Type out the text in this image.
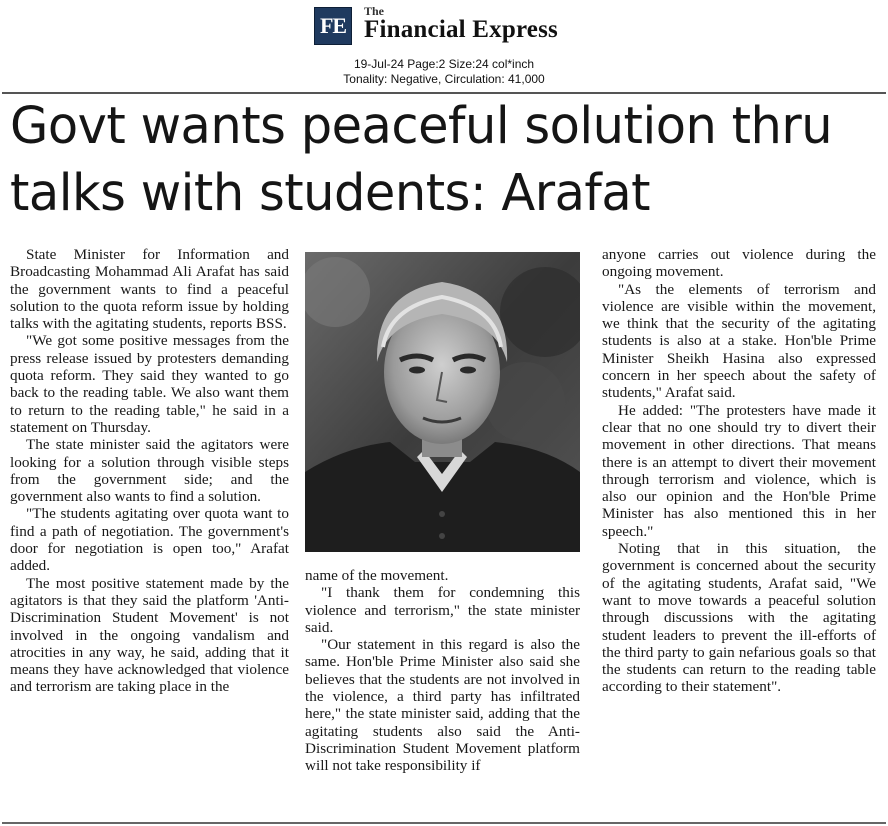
FE
The
Financial Express
19-Jul-24 Page:2 Size:24 col*inch
Tonality: Negative, Circulation: 41,000
Govt wants peaceful solution thru talks with students: Arafat

State Minister for Information and Broadcasting Mohammad Ali Arafat has said the government wants to find a peaceful solution to the quota reform issue by holding talks with the agitating students, reports BSS.

"We got some positive messages from the press release issued by protesters demanding quota reform. They said they wanted to go back to the reading table. We also want them to return to the reading table," he said in a statement on Thursday.

The state minister said the agitators were looking for a solution through visible steps from the government side; and the government also wants to find a solution.

"The students agitating over quota want to find a path of negotiation. The government's door for negotiation is open too," Arafat added.

The most positive statement made by the agitators is that they said the platform 'Anti-Discrimination Student Movement' is not involved in the ongoing vandalism and atrocities in any way, he said, adding that it means they have acknowledged that violence and terrorism are taking place in the

name of the movement.

"I thank them for condemning this violence and terrorism," the state minister said.

"Our statement in this regard is also the same. Hon'ble Prime Minister also said she believes that the students are not involved in the violence, a third party has infiltrated here," the state minister said, adding that the agitating students also said the Anti-Discrimination Student Movement platform will not take responsibility if

anyone carries out violence during the ongoing movement.

"As the elements of terrorism and violence are visible within the movement, we think that the security of the agitating students is also at a stake. Hon'ble Prime Minister Sheikh Hasina also expressed concern in her speech about the safety of students," Arafat said.

He added: "The protesters have made it clear that no one should try to divert their movement in other directions. That means there is an attempt to divert their movement through terrorism and violence, which is also our opinion and the Hon'ble Prime Minister has also mentioned this in her speech."

Noting that in this situation, the government is concerned about the security of the agitating students, Arafat said, "We want to move towards a peaceful solution through discussions with the agitating student leaders to prevent the ill-efforts of the third party to gain nefarious goals so that the students can return to the reading table according to their statement".
